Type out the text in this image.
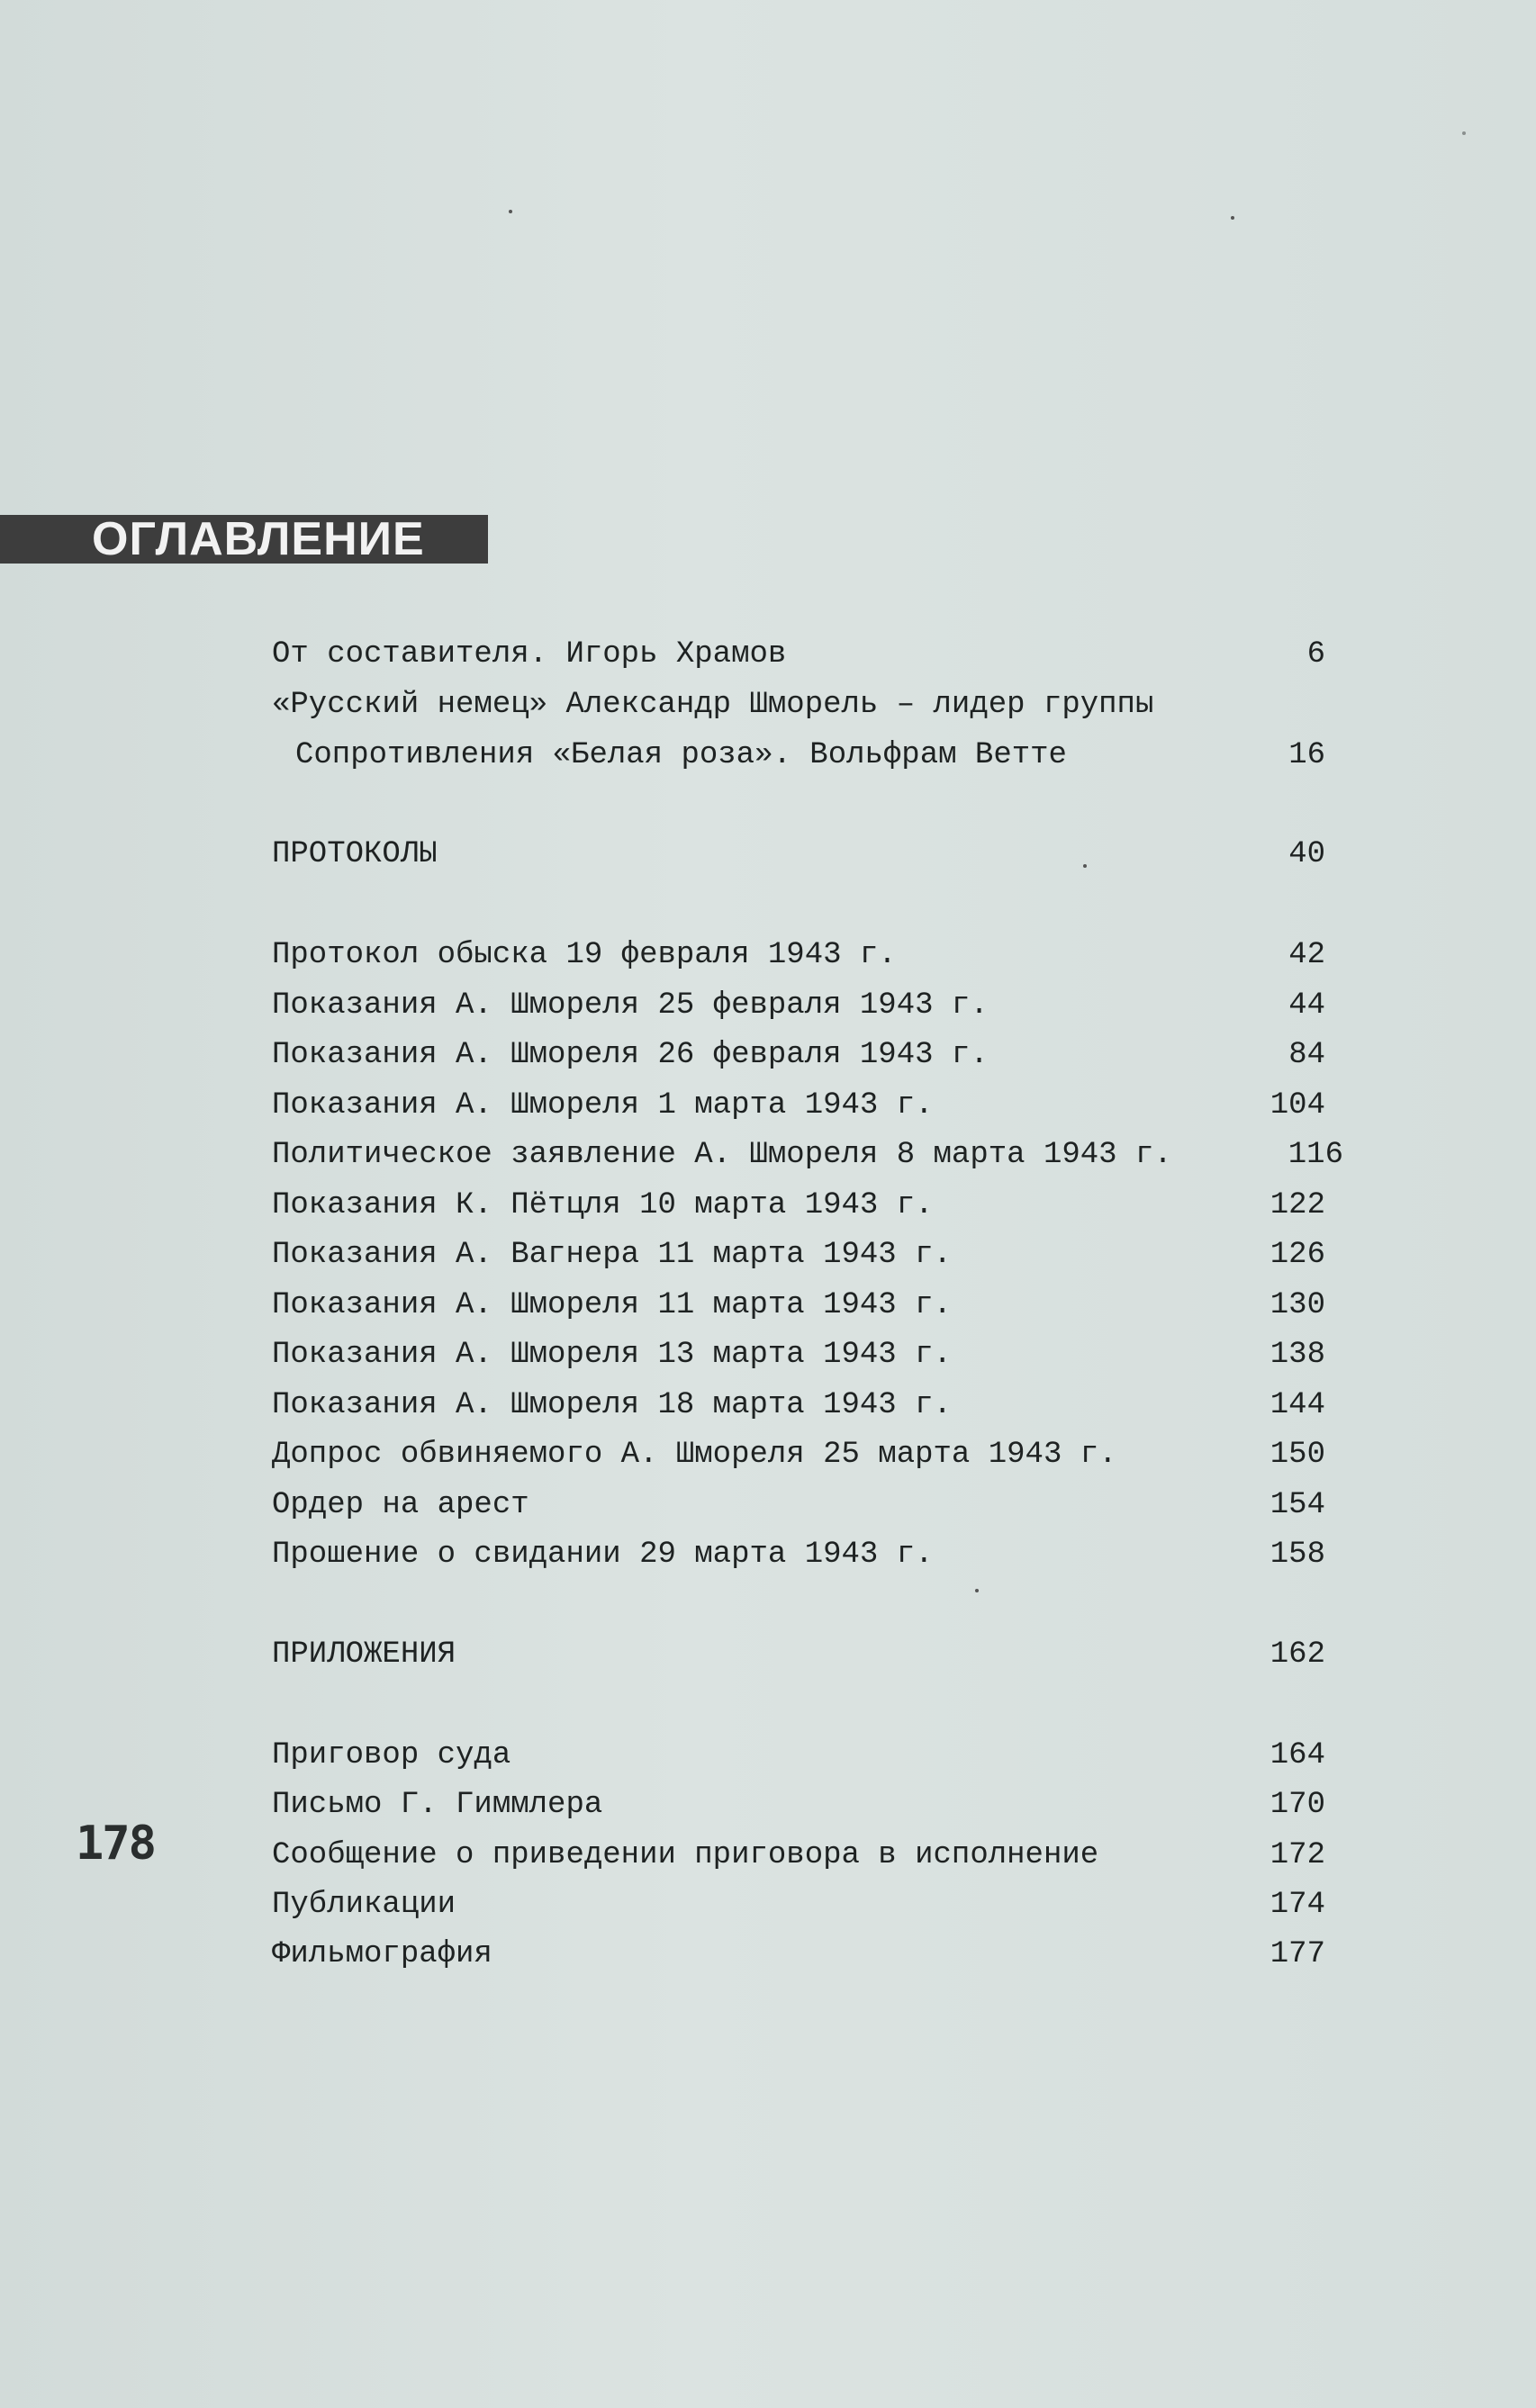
ОГЛАВЛЕНИЕ
От составителя. Игорь Храмов	6
«Русский немец» Александр Шморель – лидер группы
Сопротивления «Белая роза». Вольфрам Ветте	16
ПРОТОКОЛЫ	40
Протокол обыска 19 февраля 1943 г.	42
Показания А. Шмореля 25 февраля 1943 г.	44
Показания А. Шмореля 26 февраля 1943 г.	84
Показания А. Шмореля 1 марта 1943 г.	104
Политическое заявление А. Шмореля 8 марта 1943 г.	116
Показания К. Пётцля 10 марта 1943 г.	122
Показания А. Вагнера 11 марта 1943 г.	126
Показания А. Шмореля 11 марта 1943 г.	130
Показания А. Шмореля 13 марта 1943 г.	138
Показания А. Шмореля 18 марта 1943 г.	144
Допрос обвиняемого А. Шмореля 25 марта 1943 г.	150
Ордер на арест	154
Прошение о свидании 29 марта 1943 г.	158
ПРИЛОЖЕНИЯ	162
Приговор суда	164
Письмо Г. Гиммлера	170
Сообщение о приведении приговора в исполнение	172
Публикации	174
Фильмография	177
178
